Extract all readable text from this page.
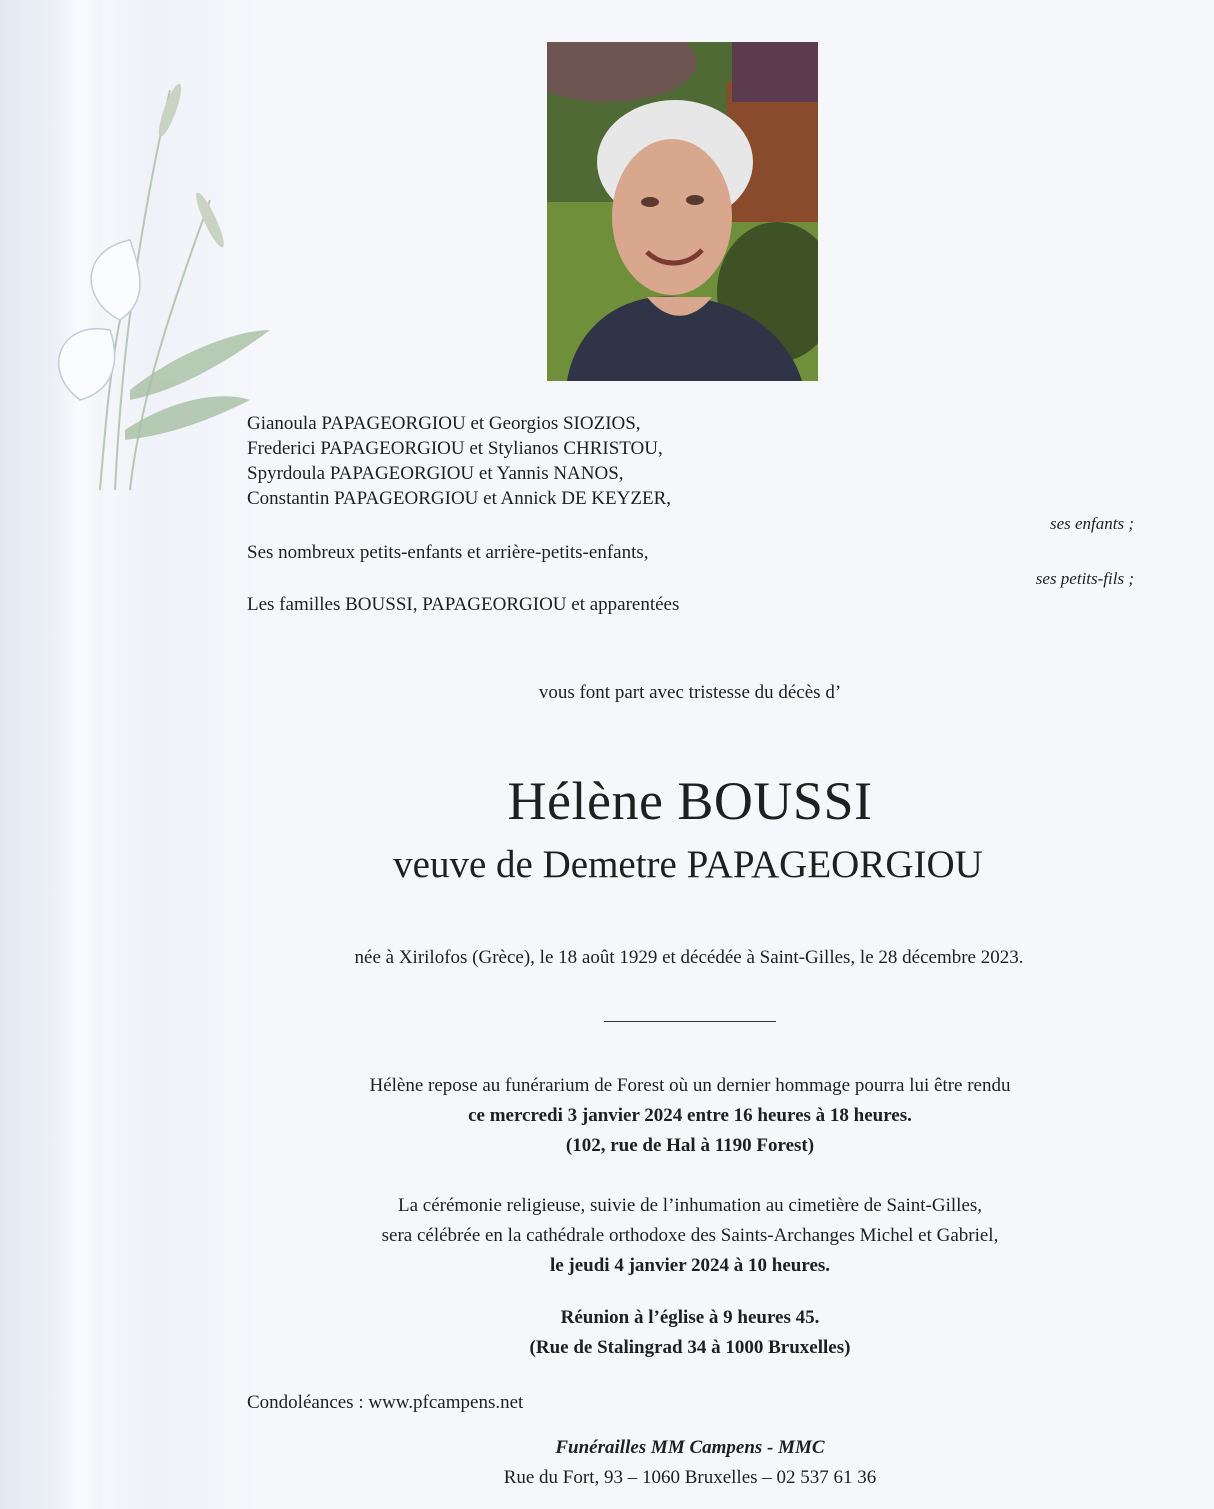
Gianoula PAPAGEORGIOU et Georgios SIOZIOS,
Frederici PAPAGEORGIOU et Stylianos CHRISTOU,
Spyrdoula PAPAGEORGIOU et Yannis NANOS,
Constantin PAPAGEORGIOU et Annick DE KEYZER,
ses enfants ;
Ses nombreux petits-enfants et arrière-petits-enfants,
ses petits-fils ;
Les familles BOUSSI, PAPAGEORGIOU et apparentées
vous font part avec tristesse du décès d’
Hélène BOUSSI
veuve de Demetre PAPAGEORGIOU
née à Xirilofos (Grèce), le 18 août 1929 et décédée à Saint-Gilles, le 28 décembre 2023.
Hélène repose au funérarium de Forest où un dernier hommage pourra lui être rendu
ce mercredi 3 janvier 2024 entre 16 heures à 18 heures.
(102, rue de Hal à 1190 Forest)
La cérémonie religieuse, suivie de l’inhumation au cimetière de Saint-Gilles,
sera célébrée en la cathédrale orthodoxe des Saints-Archanges Michel et Gabriel,
le jeudi 4 janvier 2024 à 10 heures.
Réunion à l’église à 9 heures 45.
(Rue de Stalingrad 34 à 1000 Bruxelles)
Condoléances : www.pfcampens.net
Funérailles MM Campens - MMC
Rue du Fort, 93 – 1060 Bruxelles – 02 537 61 36
